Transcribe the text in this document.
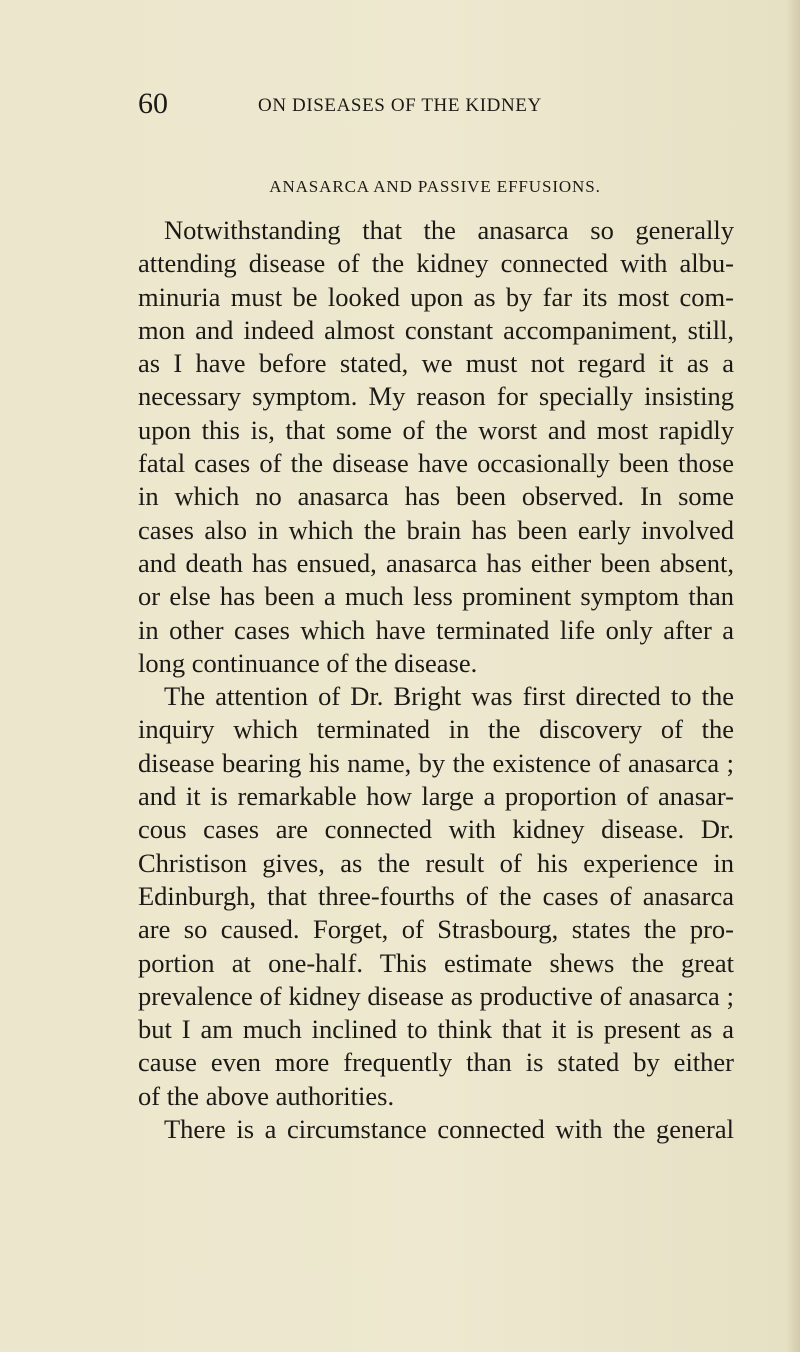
60	ON DISEASES OF THE KIDNEY
ANASARCA AND PASSIVE EFFUSIONS.
Notwithstanding that the anasarca so generally
attending disease of the kidney connected with albu-
minuria must be looked upon as by far its most com-
mon and indeed almost constant accompaniment, still,
as I have before stated, we must not regard it as a
necessary symptom. My reason for specially insisting
upon this is, that some of the worst and most rapidly
fatal cases of the disease have occasionally been those
in which no anasarca has been observed. In some
cases also in which the brain has been early involved
and death has ensued, anasarca has either been absent,
or else has been a much less prominent symptom than
in other cases which have terminated life only after a
long continuance of the disease.
The attention of Dr. Bright was first directed to the
inquiry which terminated in the discovery of the
disease bearing his name, by the existence of anasarca ;
and it is remarkable how large a proportion of anasar-
cous cases are connected with kidney disease. Dr.
Christison gives, as the result of his experience in
Edinburgh, that three-fourths of the cases of anasarca
are so caused. Forget, of Strasbourg, states the pro-
portion at one-half. This estimate shews the great
prevalence of kidney disease as productive of anasarca ;
but I am much inclined to think that it is present as a
cause even more frequently than is stated by either
of the above authorities.
There is a circumstance connected with the general
